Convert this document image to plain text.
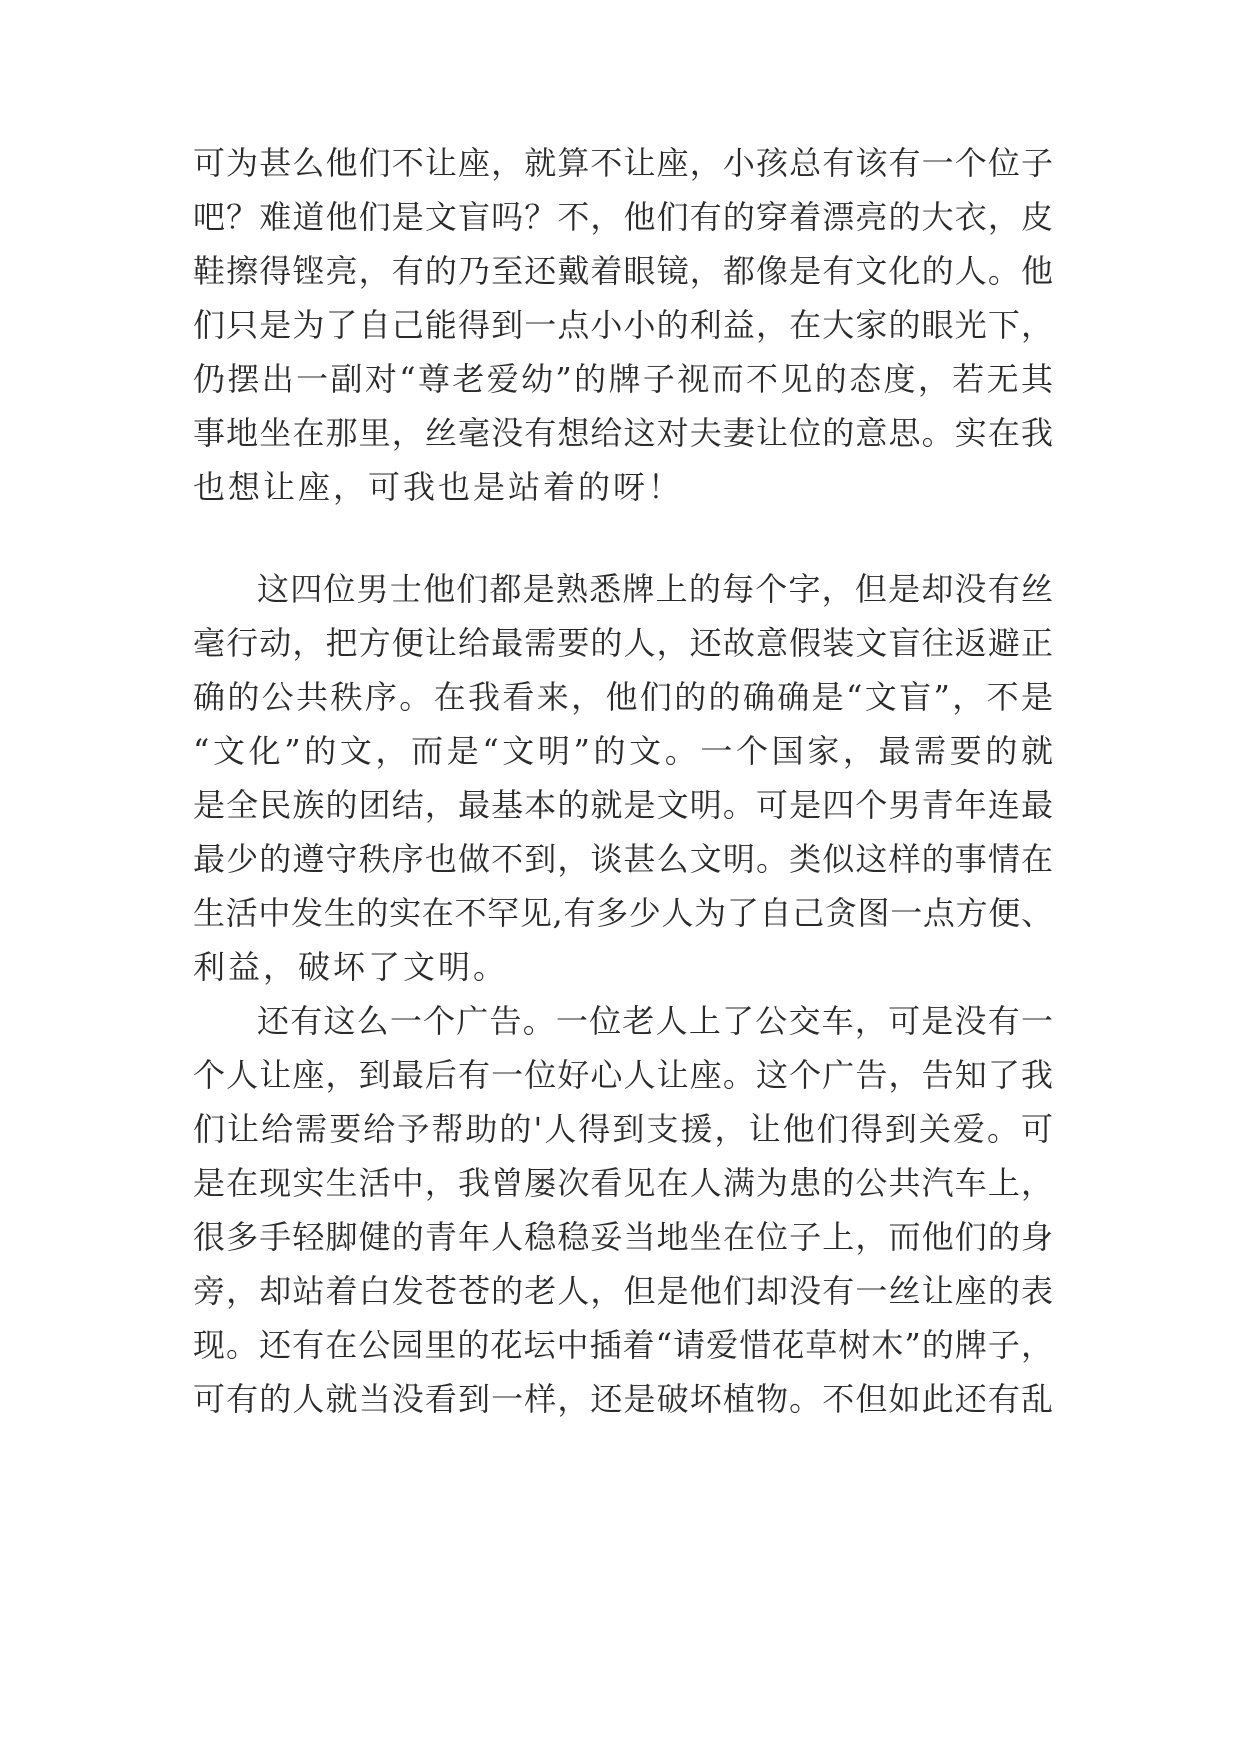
可为甚么他们不让座，就算不让座，小孩总有该有一个位子
吧？难道他们是文盲吗？不，他们有的穿着漂亮的大衣，皮
鞋擦得铿亮，有的乃至还戴着眼镜，都像是有文化的人。他
们只是为了自己能得到一点小小的利益，在大家的眼光下，
仍摆出一副对“尊老爱幼”的牌子视而不见的态度，若无其
事地坐在那里，丝毫没有想给这对夫妻让位的意思。实在我
也想让座，可我也是站着的呀！
这四位男士他们都是熟悉牌上的每个字，但是却没有丝
毫行动，把方便让给最需要的人，还故意假装文盲往返避正
确的公共秩序。在我看来，他们的的确确是“文盲”，不是
“文化”的文，而是“文明”的文。一个国家，最需要的就
是全民族的团结，最基本的就是文明。可是四个男青年连最
最少的遵守秩序也做不到，谈甚么文明。类似这样的事情在
生活中发生的实在不罕见,有多少人为了自己贪图一点方便、
利益，破坏了文明。
还有这么一个广告。一位老人上了公交车，可是没有一
个人让座，到最后有一位好心人让座。这个广告，告知了我
们让给需要给予帮助的'人得到支援，让他们得到关爱。可
是在现实生活中，我曾屡次看见在人满为患的公共汽车上，
很多手轻脚健的青年人稳稳妥当地坐在位子上，而他们的身
旁，却站着白发苍苍的老人，但是他们却没有一丝让座的表
现。还有在公园里的花坛中插着“请爱惜花草树木”的牌子，
可有的人就当没看到一样，还是破坏植物。不但如此还有乱
